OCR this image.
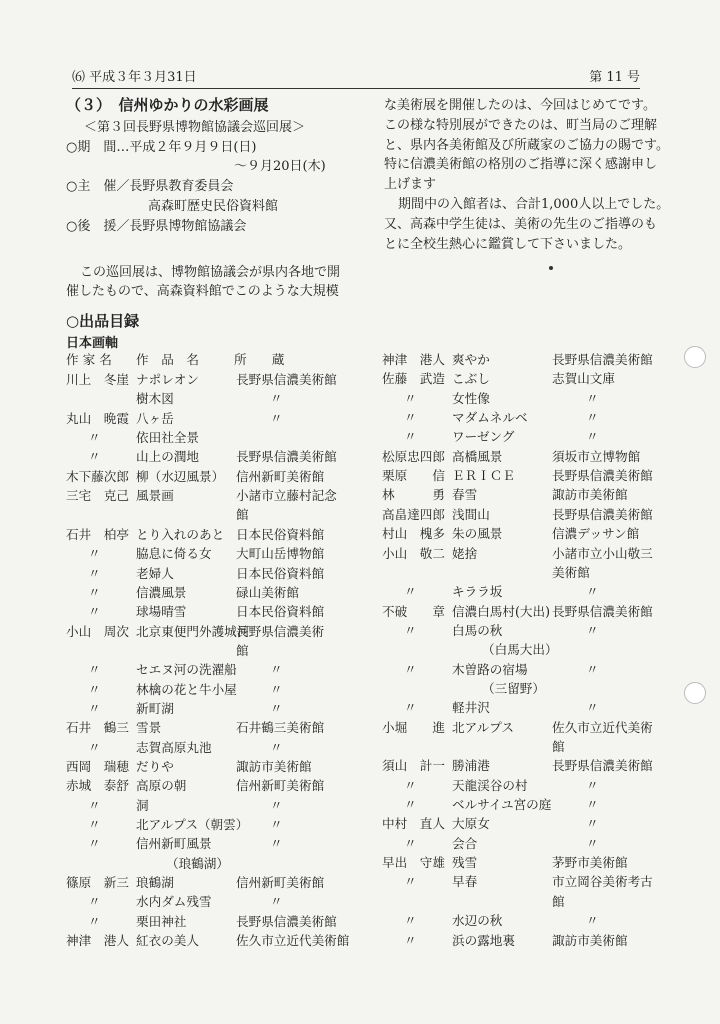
⑹ 平成３年３月31日	第 11 号
（３）　信州ゆかりの水彩画展
＜第３回長野県博物館協議会巡回展＞
○期　間…平成２年９月９日(日)
～９月20日(木)
○主　催／長野県教育委員会
高森町歴史民俗資料館
○後　援／長野県博物館協議会
この巡回展は、博物館協議会が県内各地で開
催したもので、高森資料館でこのような大規模
な美術展を開催したのは、今回はじめてです。
この様な特別展ができたのは、町当局のご理解
と、県内各美術館及び所蔵家のご協力の賜です。
特に信濃美術館の格別のご指導に深く感謝申し
上げます
期間中の入館者は、合計1,000人以上でした。
又、高森中学生徒は、美術の先生のご指導のも
とに全校生熱心に鑑賞して下さいました。
○出品目録
日本画軸
作 家 名	作　品　名	所　　蔵
川上　冬崖 ナポレオン	長野県信濃美術館
樹木図	〃
丸山　晩霞 八ヶ岳	〃
〃	依田社全景
〃	山上の潤地	長野県信濃美術館
木下藤次郎 柳（水辺風景） 信州新町美術館
三宅　克己 風景画	小諸市立藤村記念
館
石井　柏亭 とり入れのあと 日本民俗資料館
〃	脇息に倚る女	大町山岳博物館
〃	老婦人	日本民俗資料館
〃	信濃風景	碌山美術館
〃	球場晴雪	日本民俗資料館
小山　周次 北京東便門外護城河
長野県信濃美術
館
〃	セエヌ河の洗濯船	〃
〃	林檎の花と牛小屋	〃
〃	新町湖	〃
石井　鶴三 雪景	石井鶴三美術館
〃	志賀高原丸池	〃
西岡　瑞穂 だりや	諏訪市美術館
赤城　泰舒 高原の朝	信州新町美術館
〃	洞	〃
〃	北アルプス（朝雲）	〃
〃	信州新町風景	〃
（琅鶴湖）
篠原　新三 琅鶴湖	信州新町美術館
〃	水内ダム残雪	〃
〃	栗田神社	長野県信濃美術館
神津　港人 紅衣の美人	佐久市立近代美術館
神津　港人 爽やか	長野県信濃美術館
佐藤　武造 こぶし	志賀山文庫
〃	女性像	〃
〃	マダムネルベ	〃
〃	ワーゼング	〃
松原忠四郎 高橋風景	須坂市立博物館
栗原　　信 ＥＲＩＣＥ	長野県信濃美術館
林　　　勇 春雪	諏訪市美術館
高畠達四郎 浅間山	長野県信濃美術館
村山　槐多 朱の風景	信濃デッサン館
小山　敬二 姥捨	小諸市立小山敬三
美術館
〃	キララ坂	〃
不破　　章 信濃白馬村(大出) 長野県信濃美術館
〃	白馬の秋	〃
（白馬大出）
〃	木曽路の宿場	〃
（三留野）
〃	軽井沢	〃
小堀　　進 北アルプス	佐久市立近代美術
館
須山　計一 勝浦港	長野県信濃美術館
〃	天龍渓谷の村	〃
〃	ベルサイユ宮の庭	〃
中村　直人 大原女	〃
〃	会合	〃
早出　守雄 残雪	茅野市美術館
〃	早春	市立岡谷美術考古
館
〃	水辺の秋	〃
〃	浜の露地裏	諏訪市美術館
